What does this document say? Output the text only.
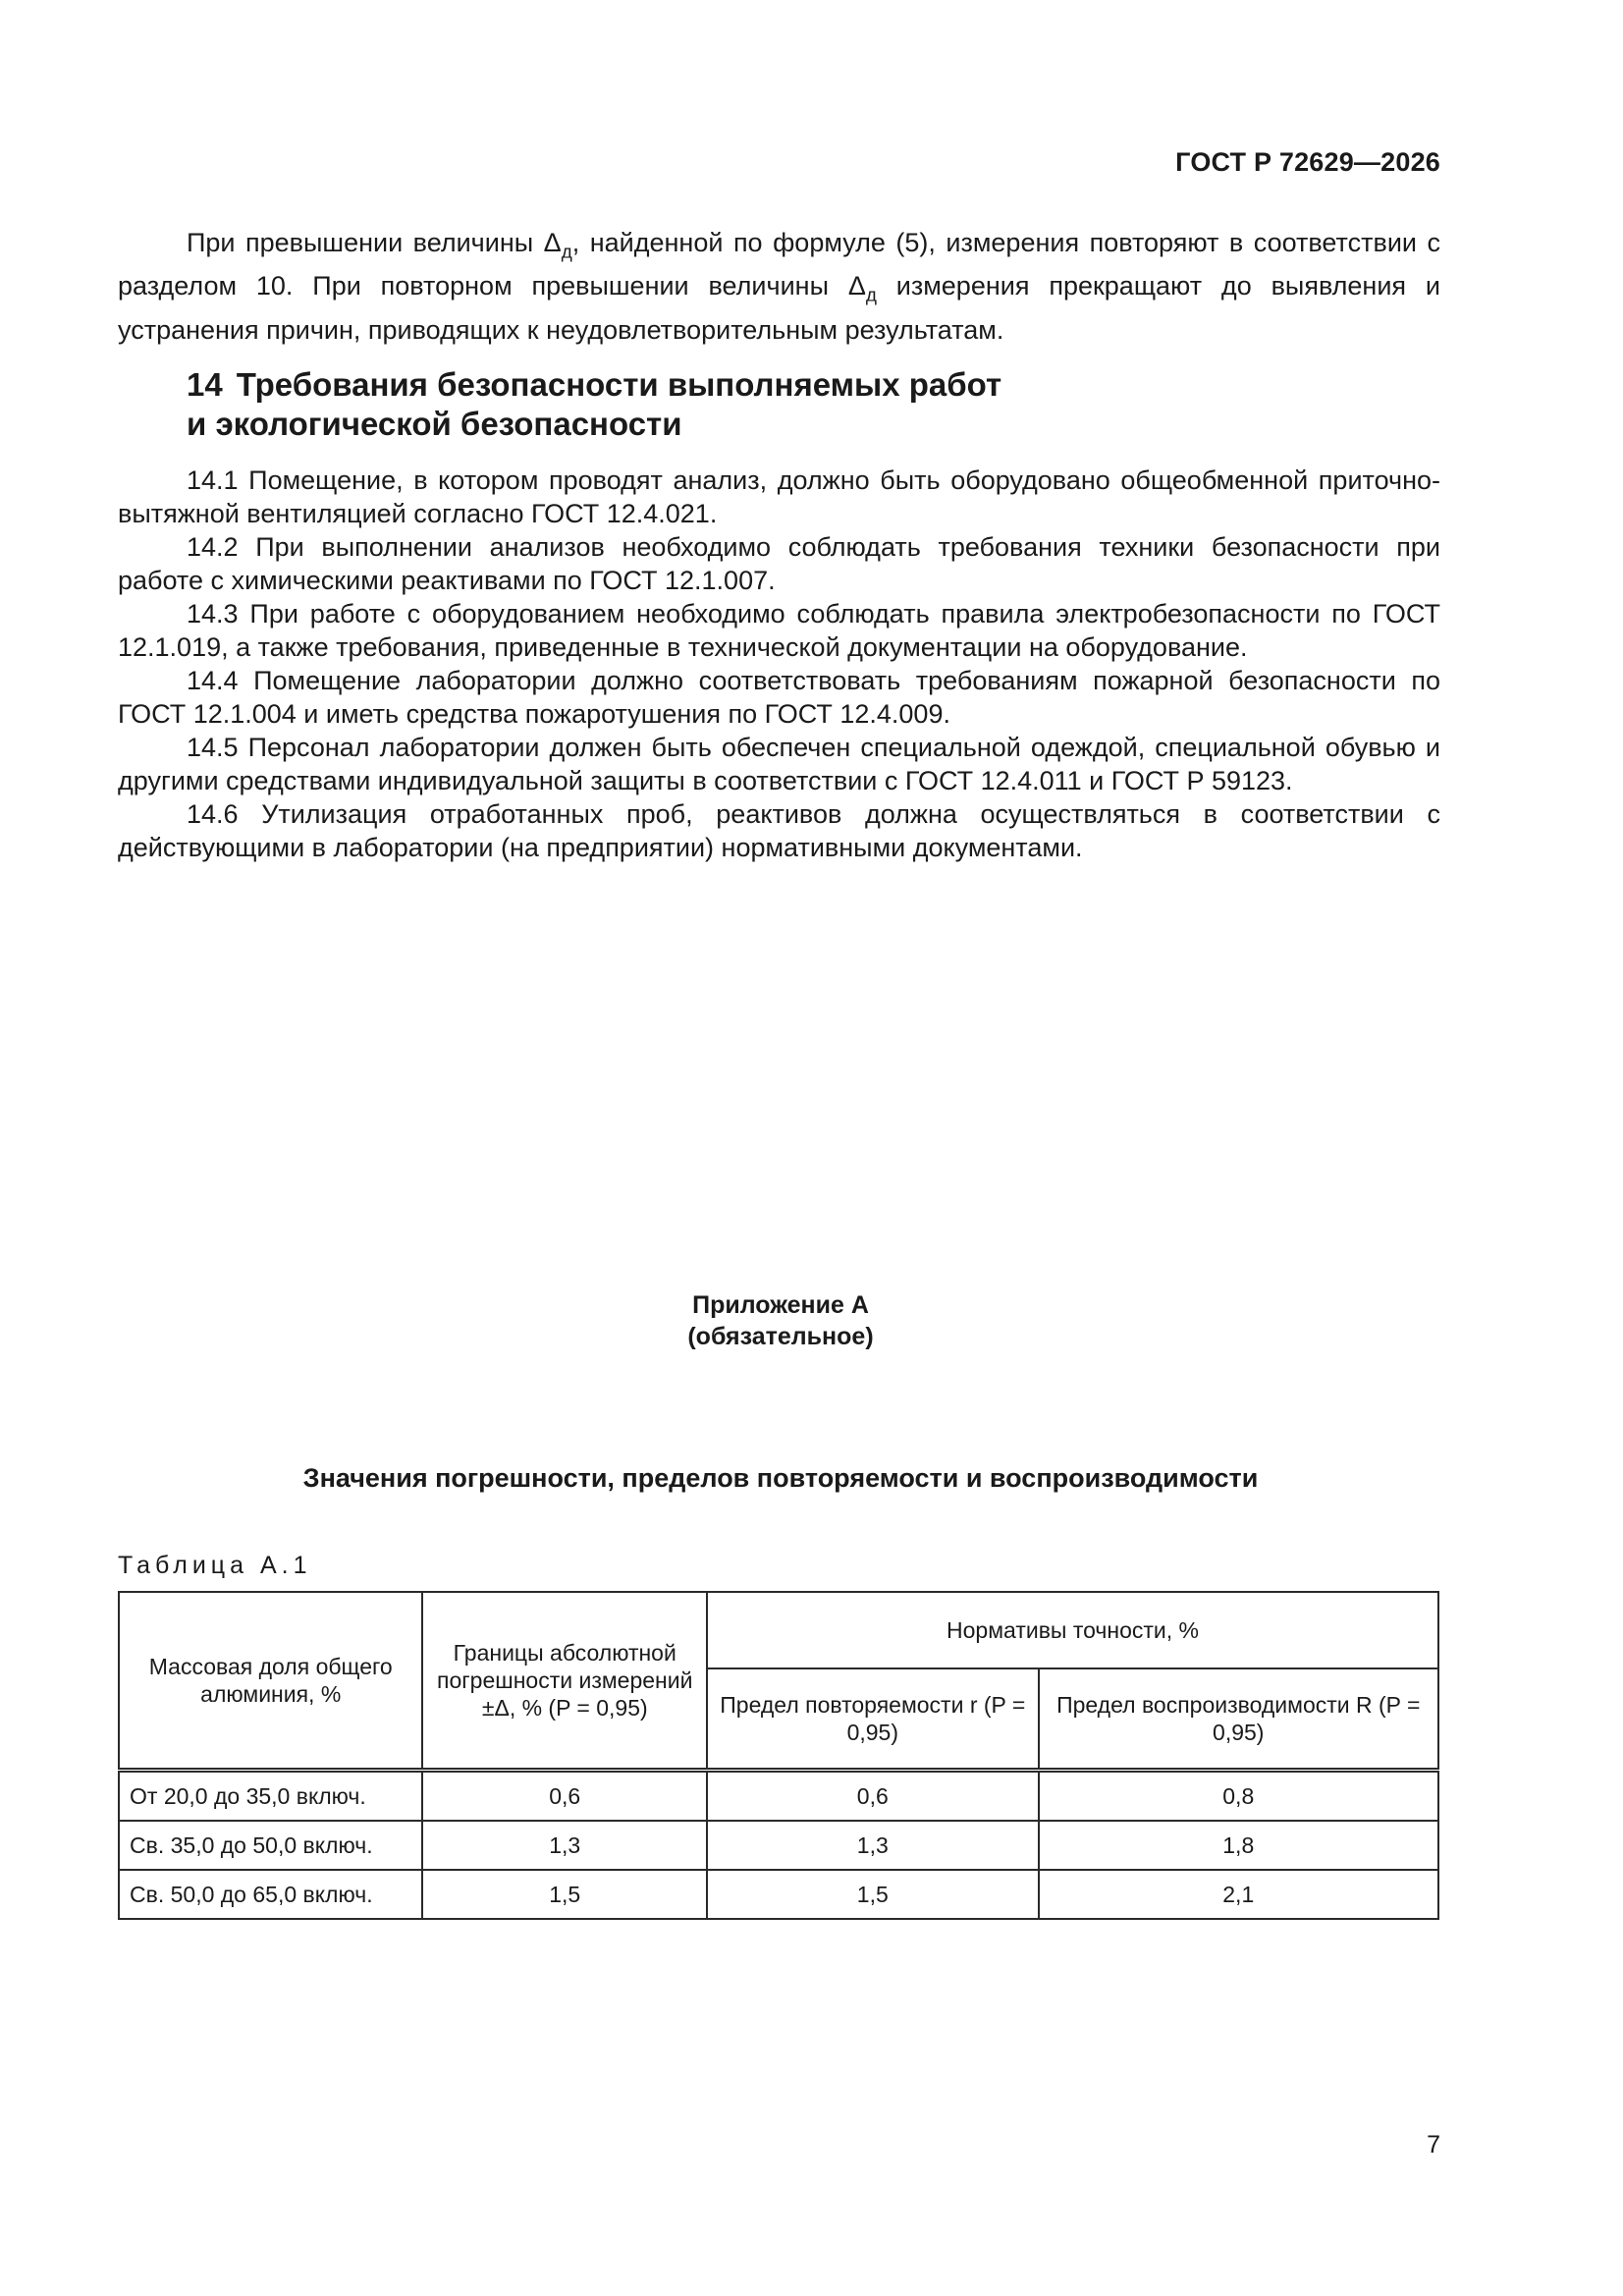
ГОСТ Р 72629—2026

При превышении величины $\Delta_д$, найденной по формуле (5), измерения повторяют в соответствии с разделом 10. При повторном превышении величины $\Delta_д$ измерения прекращают до выявления и устранения причин, приводящих к неудовлетворительным результатам.

14 Требования безопасности выполняемых работ
и экологической безопасности

14.1 Помещение, в котором проводят анализ, должно быть оборудовано общеобменной приточно-вытяжной вентиляцией согласно ГОСТ 12.4.021.

14.2 При выполнении анализов необходимо соблюдать требования техники безопасности при работе с химическими реактивами по ГОСТ 12.1.007.

14.3 При работе с оборудованием необходимо соблюдать правила электробезопасности по ГОСТ 12.1.019, а также требования, приведенные в технической документации на оборудование.

14.4 Помещение лаборатории должно соответствовать требованиям пожарной безопасности по ГОСТ 12.1.004 и иметь средства пожаротушения по ГОСТ 12.4.009.

14.5 Персонал лаборатории должен быть обеспечен специальной одеждой, специальной обувью и другими средствами индивидуальной защиты в соответствии с ГОСТ 12.4.011 и ГОСТ Р 59123.

14.6 Утилизация отработанных проб, реактивов должна осуществляться в соответствии с действующими в лаборатории (на предприятии) нормативными документами.

Приложение А
(обязательное)
Значения погрешности, пределов повторяемости и воспроизводимости
Таблица А.1
Массовая доля общего алюминия, %	Границы абсолютной погрешности измерений ±Δ, % (P = 0,95)	Нормативы точности, %	
		Предел повторяемости r (P = 0,95)	Предел воспроизводимости R (P = 0,95)
От 20,0 до 35,0 включ.	0,6	0,6	0,8
Св. 35,0 до 50,0 включ.	1,3	1,3	1,8
Св. 50,0 до 65,0 включ.	1,5	1,5	2,1
7
